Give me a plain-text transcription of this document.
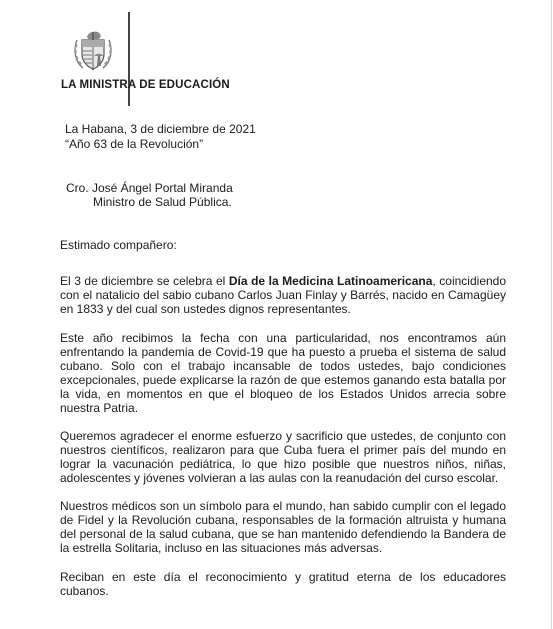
LA MINISTRA DE EDUCACIÓN
La Habana, 3 de diciembre de 2021
“Año 63 de la Revolución”
Cro. José Ángel Portal Miranda
Ministro de Salud Pública.
Estimado compañero:
El 3 de diciembre se celebra el Día de la Medicina Latinoamericana, coincidiendo con el natalicio del sabio cubano Carlos Juan Finlay y Barrés, nacido en Camagüey en 1833 y del cual son ustedes dignos representantes.
Este año recibimos la fecha con una particularidad, nos encontramos aún enfrentando la pandemia de Covid-19 que ha puesto a prueba el sistema de salud cubano. Solo con el trabajo incansable de todos ustedes, bajo condiciones excepcionales, puede explicarse la razón de que estemos ganando esta batalla por la vida, en momentos en que el bloqueo de los Estados Unidos arrecia sobre nuestra Patria.
Queremos agradecer el enorme esfuerzo y sacrificio que ustedes, de conjunto con nuestros científicos, realizaron para que Cuba fuera el primer país del mundo en lograr la vacunación pediátrica, lo que hizo posible que nuestros niños, niñas, adolescentes y jóvenes volvieran a las aulas con la reanudación del curso escolar.
Nuestros médicos son un símbolo para el mundo, han sabido cumplir con el legado de Fidel y la Revolución cubana, responsables de la formación altruista y humana del personal de la salud cubana, que se han mantenido defendiendo la Bandera de la estrella Solitaria, incluso en las situaciones más adversas.
Reciban en este día el reconocimiento y gratitud eterna de los educadores cubanos.
